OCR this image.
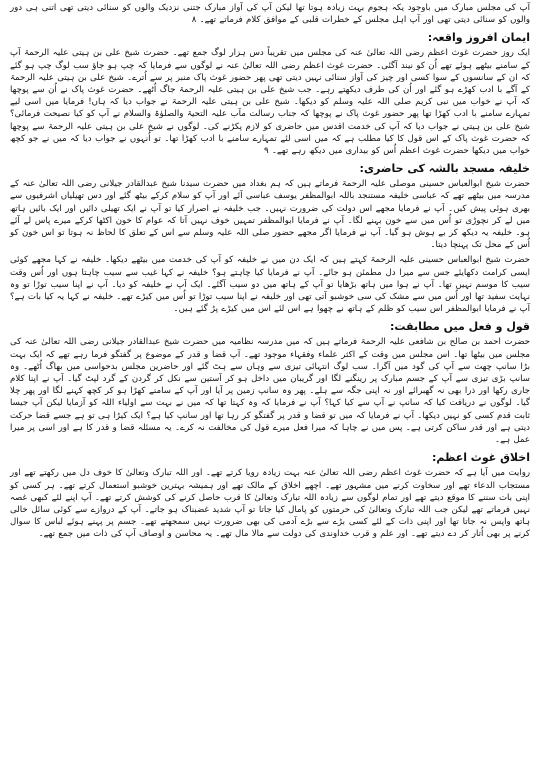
آپ کی مجلس مبارک میں باوجود یکہ ہجوم بہت زیادہ ہوتا تھا لیکن آپ کی آواز مبارک جتنی نزدیک والوں کو سنائی دیتی تھی اتنی ہی دور والوں کو سنائی دیتی تھی اور آپ اہل مجلس کے خطرات قلبی کے موافق کلام فرماتے تھے۔ ۸

ایمان افروز واقعہ:

ایک روز حضرت غوث اعظم رضی اللہ تعالیٰ عنہ کی مجلس میں تقریباً دس ہزار لوگ جمع تھے۔ حضرت شیخ علی بن ہیتی علیہ الرحمۃ آپ کے سامنے بیٹھے ہوئے تھے اُن کو نیند آگئی۔ حضرت غوث اعظم رضی اللہ تعالیٰ عنہ نے لوگوں سے فرمایا کہ چپ ہو جاؤ سب لوگ چپ ہو گئے کہ ان کے سانسوں کے سوا کسی اور چیز کی آواز سنائی نہیں دیتی تھی پھر حضور غوث پاک منبر پر سے اُترے۔ شیخ علی بن ہیتی علیہ الرحمۃ کے آگے با ادب کھڑے ہو گئے اور اُن کی طرف دیکھتے رہے۔ جب شیخ علی بن ہیتی علیہ الرحمۃ جاگ اُٹھے۔ حضرت غوث پاک نے اُن سے پوچھا کہ آپ نے خواب میں نبی کریم صلی اللہ علیہ وسلم کو دیکھا۔ شیخ علی بن ہیتی علیہ الرحمۃ نے جواب دیا کہ ہاں! فرمایا میں اسی لیے تمہارے سامنے با ادب کھڑا تھا پھر حضور غوث پاک نے پوچھا کہ جناب رسالت مآب علیہ التحیۃ والصلوٰۃ والسلام نے آپ کو کیا نصیحت فرمائی؟ شیخ علی بن ہیتی نے جواب دیا کہ آپ کی خدمت اقدس میں حاضری کو لازم پکڑنے کی۔ لوگوں نے شیخ علی بن ہیتی علیہ الرحمۃ سے پوچھا کہ حضرت غوث پاک کے اس قول کا کیا مطلب ہے کہ میں اسی لئے تمہارے سامنے با ادب کھڑا تھا۔ تو اُنہوں نے جواب دیا کہ میں نے جو کچھ خواب میں دیکھا حضرت غوث اعظم اُس کو بیداری میں دیکھ رہے تھے۔ ۹

خلیفہ مسجد بالشہ کی حاضری:

حضرت شیخ ابوالعباس حسینی موصلی علیہ الرحمۃ فرماتے ہیں کہ ہم بغداد میں حضرت سیدنا شیخ عبدالقادر جیلانی رضی اللہ تعالیٰ عنہ کے مدرسہ میں بیٹھے تھے کہ عباسی خلیفہ مستنجد باللہ ابوالمظفر یوسف عباسی آئے اور آپ کو سلام کرکے بیٹھ گئے اور دس تھیلیاں اشرفیوں سے بھری ہوئی پیش کیں۔ آپ نے فرمایا مجھے اس دولت کی ضرورت نہیں۔ جب خلیفہ نے اصرار کیا تو آپ نے ایک تھیلی دائیں اور ایک بائیں ہاتھ میں لے کر نچوڑی تو اُس میں سے خون بہنے لگا۔ آپ نے فرمایا ابوالمظفر تمہیں خوف نہیں آتا کہ عوام کا خون اکٹھا کرکے میرے پاس لے آئے ہو۔ خلیفہ یہ دیکھ کر بے ہوش ہو گیا۔ آپ نے فرمایا اگر مجھے حضور صلی اللہ علیہ وسلم سے اس کے تعلق کا لحاظ نہ ہوتا تو اس خون کو اُس کے محل تک پہنچا دیتا۔

حضرت شیخ ابوالعباس حسینی علیہ الرحمۃ کہتے ہیں کہ ایک دن میں نے خلیفہ کو آپ کی خدمت میں بیٹھے دیکھا۔ خلیفہ نے کہا مجھے کوئی ایسی کرامت دکھایئے جس سے میرا دل مطمئن ہو جائے۔ آپ نے فرمایا کیا چاہتے ہو؟ خلیفہ نے کہا غیب سے سیب چاہتا ہوں اور اُس وقت سیب کا موسم نہیں تھا۔ آپ نے ہوا میں ہاتھ بڑھایا تو آپ کے ہاتھ میں دو سیب آگئے۔ ایک آپ نے خلیفہ کو دیا۔ آپ نے اپنا سیب توڑا تو وہ نہایت سفید تھا اور اُس میں سے مشک کی سی خوشبو آتی تھی اور خلیفہ نے اپنا سیب توڑا تو اُس میں کیڑے تھے۔ خلیفہ نے کہا یہ کیا بات ہے؟ آپ نے فرمایا ابوالمظفر اس سیب کو ظلم کے ہاتھ نے چھوا ہے اس لئے اس میں کیڑے پڑ گئے ہیں۔

قول و فعل میں مطابقت:

حضرت احمد بن صالح بن شافعی علیہ الرحمۃ فرماتے ہیں کہ میں مدرسہ نظامیہ میں حضرت شیخ عبدالقادر جیلانی رضی اللہ تعالیٰ عنہ کی مجلس میں بیٹھا تھا۔ اس مجلس میں وقت کے اکثر علماء وفقہاء موجود تھے۔ آپ قضا و قدر کے موضوع پر گفتگو فرما رہے تھے کہ ایک بہت بڑا سانپ چھت سے آپ کی گود میں آگرا۔ سب لوگ انتہائی تیزی سے وہاں سے ہٹ گئے اور حاضرین مجلس بدحواسی میں بھاگ اُٹھے۔ وہ سانپ بڑی تیزی سے آپ کے جسم مبارک پر رینگنے لگا اور گریبان میں داخل ہو کر آستین سے نکل کر گردن کے گرد لپٹ گیا۔ آپ نے اپنا کلام جاری رکھا اور ذرا بھی نہ گھبرائے اور نہ اپنی جگہ سے ہلے۔ پھر وہ سانپ زمین پر آیا اور آپ کے سامنے کھڑا ہو کر کچھ کہنے لگا اور پھر چلا گیا۔ لوگوں نے دریافت کیا کہ سانپ نے آپ سے کیا کہا؟ آپ نے فرمایا کہ وہ کہتا تھا کہ میں نے بہت سے اولیاء اللہ کو آزمایا لیکن آپ جیسا ثابت قدم کسی کو نہیں دیکھا۔ آپ نے فرمایا کہ میں تو قضا و قدر پر گفتگو کر رہا تھا اور سانپ کیا ہے؟ ایک کیڑا ہی تو ہے جسے قضا حرکت دیتی ہے اور قدر ساکن کرتی ہے۔ پس میں نے چاہا کہ میرا فعل میرے قول کی مخالفت نہ کرے۔ یہ مسئلہ قضا و قدر کا ہے اور اسی پر میرا عمل ہے۔

اخلاق غوث اعظم:

روایت میں آیا ہے کہ حضرت غوث اعظم رضی اللہ تعالیٰ عنہ بہت زیادہ رویا کرتے تھے۔ اور اللہ تبارک وتعالیٰ کا خوف دل میں رکھتے تھے اور مستجاب الدعاء تھے اور سخاوت کرنے میں مشہور تھے۔ اچھے اخلاق کے مالک تھے اور ہمیشہ بہترین خوشبو استعمال کرتے تھے۔ ہر کسی کو اپنی بات سننے کا موقع دیتے تھے اور تمام لوگوں سے زیادہ اللہ تبارک وتعالیٰ کا قرب حاصل کرنے کی کوشش کرتے تھے۔ آپ اپنے لئے کبھی غصہ نہیں فرماتے تھے لیکن جب اللہ تبارک وتعالیٰ کی حرمتوں کو پامال کیا جاتا تو آپ شدید غضبناک ہو جاتے۔ آپ کے دروازے سے کوئی سائل خالی ہاتھ واپس نہ جاتا تھا اور اپنی ذات کے لئے کسی بڑے سے بڑے آدمی کی بھی ضرورت نہیں سمجھتے تھے۔ جسم پر پہنے ہوئے لباس کا سوال کرنے پر بھی اُتار کر دے دیتے تھے۔ اور علم و قرب خداوندی کی دولت سے مالا مال تھے۔ یہ محاسن و اوصاف آپ کی ذات میں جمع تھے۔
